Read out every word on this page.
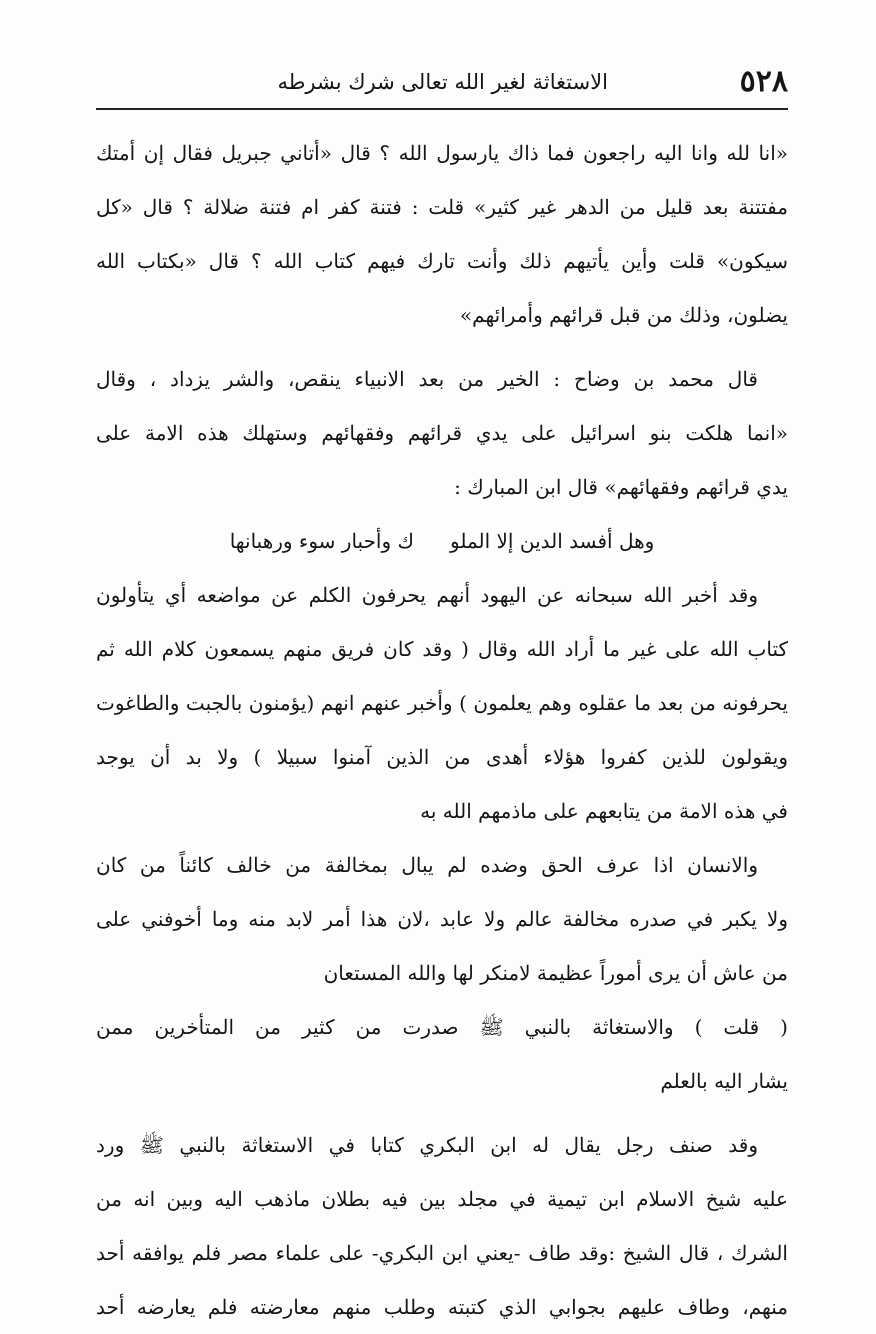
٥٢٨
الاستغاثة لغير الله تعالى شرك بشرطه
«انا لله وانا اليه راجعون فما ذاك يارسول الله ؟ قال «أتاني جبريل فقال إن أمتك
مفتتنة بعد قليل من الدهر غير كثير» قلت : فتنة كفر ام فتنة ضلالة ؟ قال «كل
سيكون» قلت وأين يأتيهم ذلك وأنت تارك فيهم كتاب الله ؟ قال «بكتاب الله
يضلون، وذلك من قبل قرائهم وأمرائهم»
قال محمد بن وضاح : الخير من بعد الانبياء ينقص، والشر يزداد ، وقال
«انما هلكت بنو اسرائيل على يدي قرائهم وفقهائهم وستهلك هذه الامة على
يدي قرائهم وفقهائهم» قال ابن المبارك :
وهل أفسد الدين إلا الملو
ك وأحبار سوء ورهبانها
وقد أخبر الله سبحانه عن اليهود أنهم يحرفون الكلم عن مواضعه أي يتأولون
كتاب الله على غير ما أراد الله وقال ( وقد كان فريق منهم يسمعون كلام الله ثم
يحرفونه من بعد ما عقلوه وهم يعلمون ) وأخبر عنهم انهم (يؤمنون بالجبت والطاغوت
ويقولون للذين كفروا هؤلاء أهدى من الذين آمنوا سبيلا ) ولا بد أن يوجد
في هذه الامة من يتابعهم على ماذمهم الله به
والانسان اذا عرف الحق وضده لم يبال بمخالفة من خالف كائناً من كان
ولا يكبر في صدره مخالفة عالم ولا عابد ،لان هذا أمر لابد منه وما أخوفني على
من عاش أن يرى أموراً عظيمة لامنكر لها والله المستعان
( قلت ) والاستغاثة بالنبي ﷺ صدرت من كثير من المتأخرين ممن
يشار اليه بالعلم
وقد صنف رجل يقال له ابن البكري كتابا في الاستغاثة بالنبي ﷺ ورد
عليه شيخ الاسلام ابن تيمية في مجلد بين فيه بطلان ماذهب اليه وبين انه من
الشرك ، قال الشيخ :وقد طاف -يعني ابن البكري- على علماء مصر فلم يوافقه أحد
منهم، وطاف عليهم بجوابي الذي كتبته وطلب منهم معارضته فلم يعارضه أحد
